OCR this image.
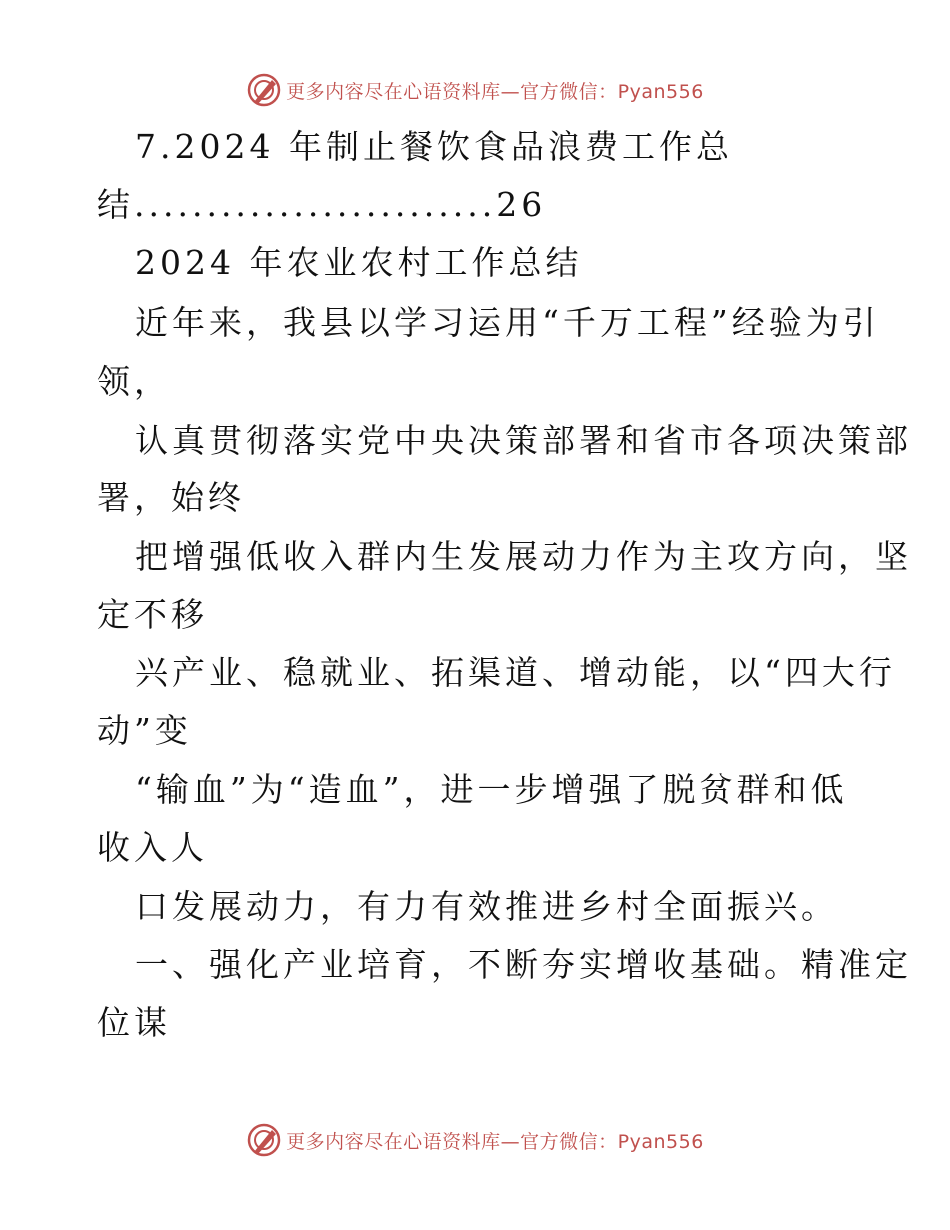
更多内容尽在心语资料库—官方微信：Pyan556
7.2024 年制止餐饮食品浪费工作总
结.........................26
2024 年农业农村工作总结
近年来，我县以学习运用“千万工程”经验为引
领，
认真贯彻落实党中央决策部署和省市各项决策部
署，始终
把增强低收入群内生发展动力作为主攻方向，坚
定不移
兴产业、稳就业、拓渠道、增动能，以“四大行
动”变
“输血”为“造血”，进一步增强了脱贫群和低
收入人
口发展动力，有力有效推进乡村全面振兴。
一、强化产业培育，不断夯实增收基础。精准定
位谋
更多内容尽在心语资料库—官方微信：Pyan556
